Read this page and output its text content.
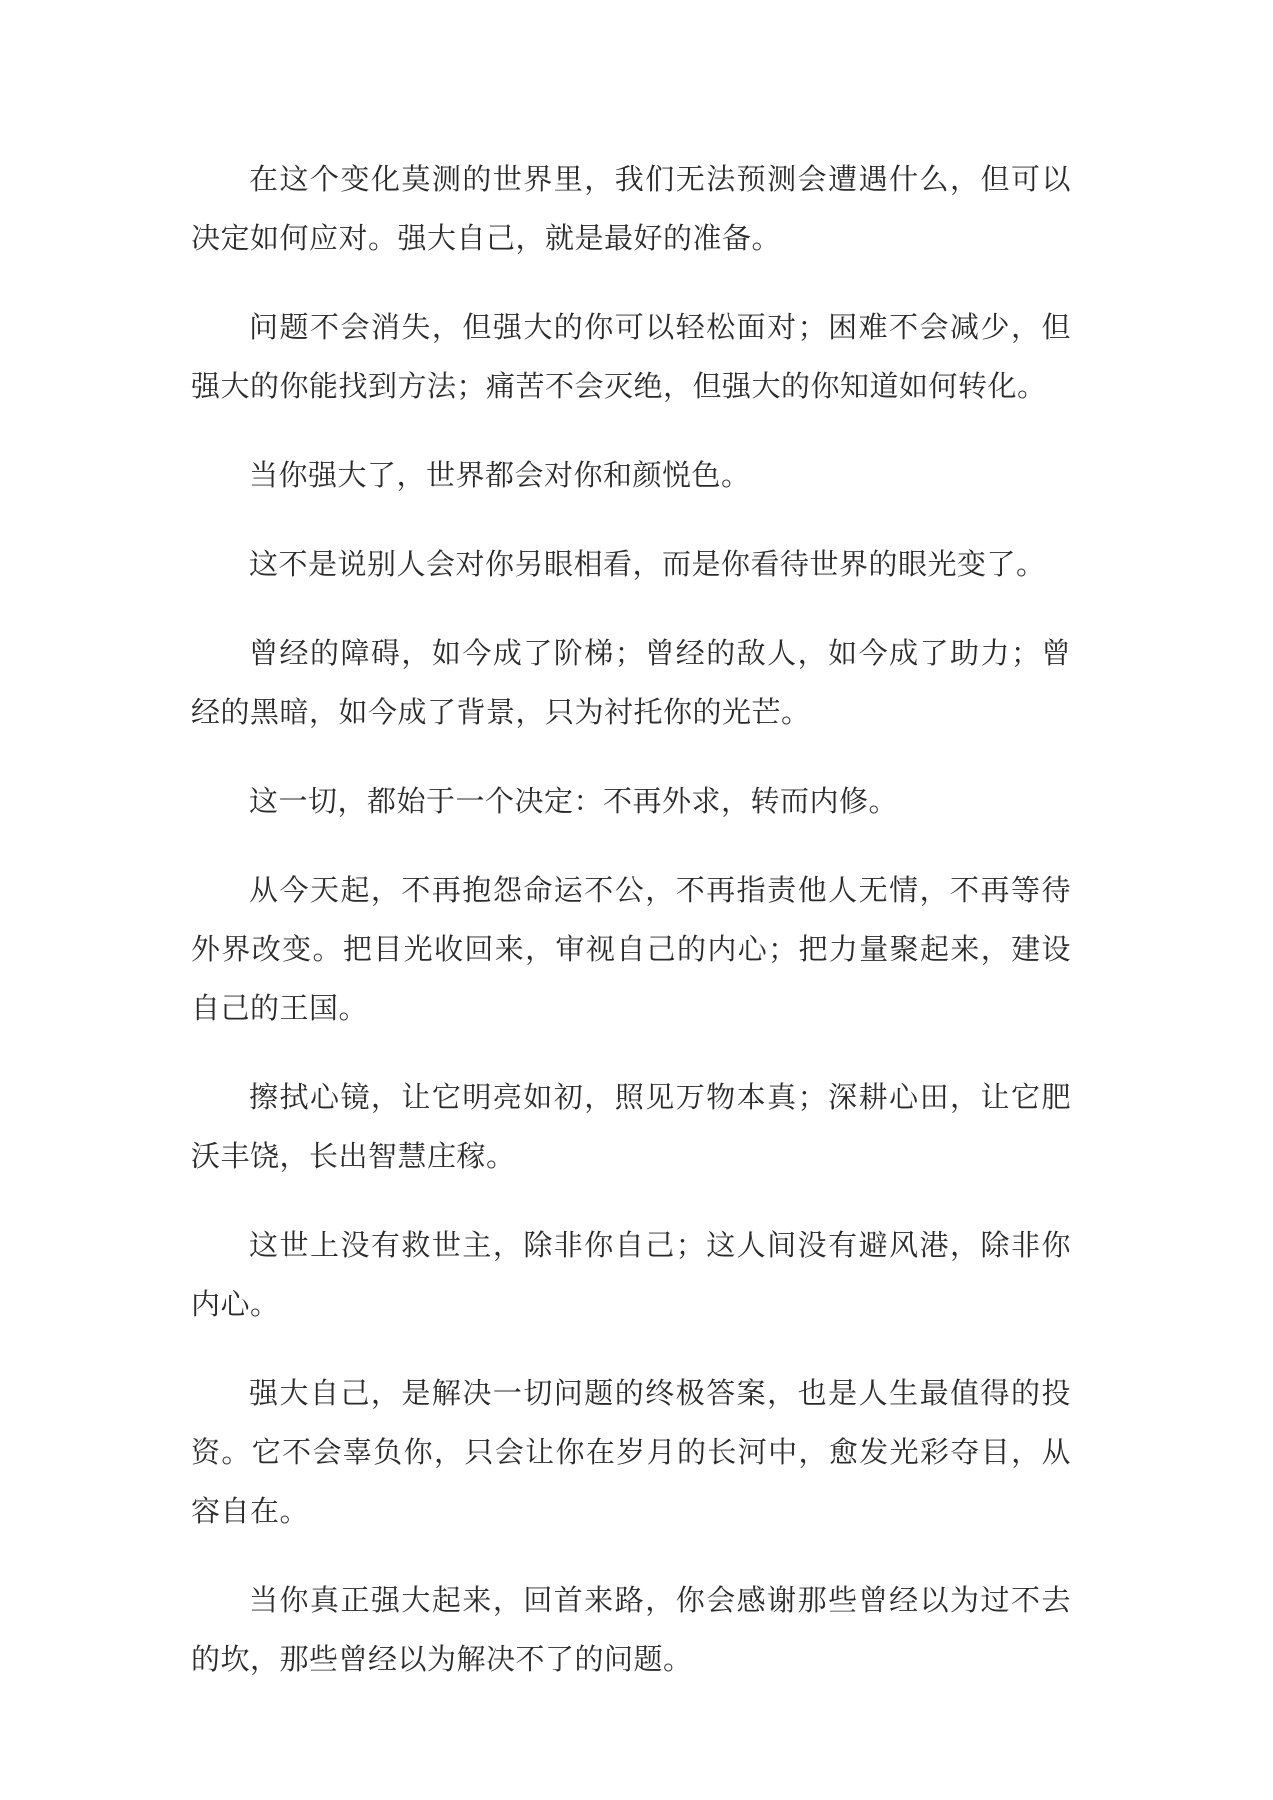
在这个变化莫测的世界里，我们无法预测会遭遇什么，但可以决定如何应对。强大自己，就是最好的准备。

问题不会消失，但强大的你可以轻松面对；困难不会减少，但强大的你能找到方法；痛苦不会灭绝，但强大的你知道如何转化。

当你强大了，世界都会对你和颜悦色。

这不是说别人会对你另眼相看，而是你看待世界的眼光变了。

曾经的障碍，如今成了阶梯；曾经的敌人，如今成了助力；曾经的黑暗，如今成了背景，只为衬托你的光芒。

这一切，都始于一个决定：不再外求，转而内修。

从今天起，不再抱怨命运不公，不再指责他人无情，不再等待外界改变。把目光收回来，审视自己的内心；把力量聚起来，建设自己的王国。

擦拭心镜，让它明亮如初，照见万物本真；深耕心田，让它肥沃丰饶，长出智慧庄稼。

这世上没有救世主，除非你自己；这人间没有避风港，除非你内心。

强大自己，是解决一切问题的终极答案，也是人生最值得的投资。它不会辜负你，只会让你在岁月的长河中，愈发光彩夺目，从容自在。

当你真正强大起来，回首来路，你会感谢那些曾经以为过不去的坎，那些曾经以为解决不了的问题。
